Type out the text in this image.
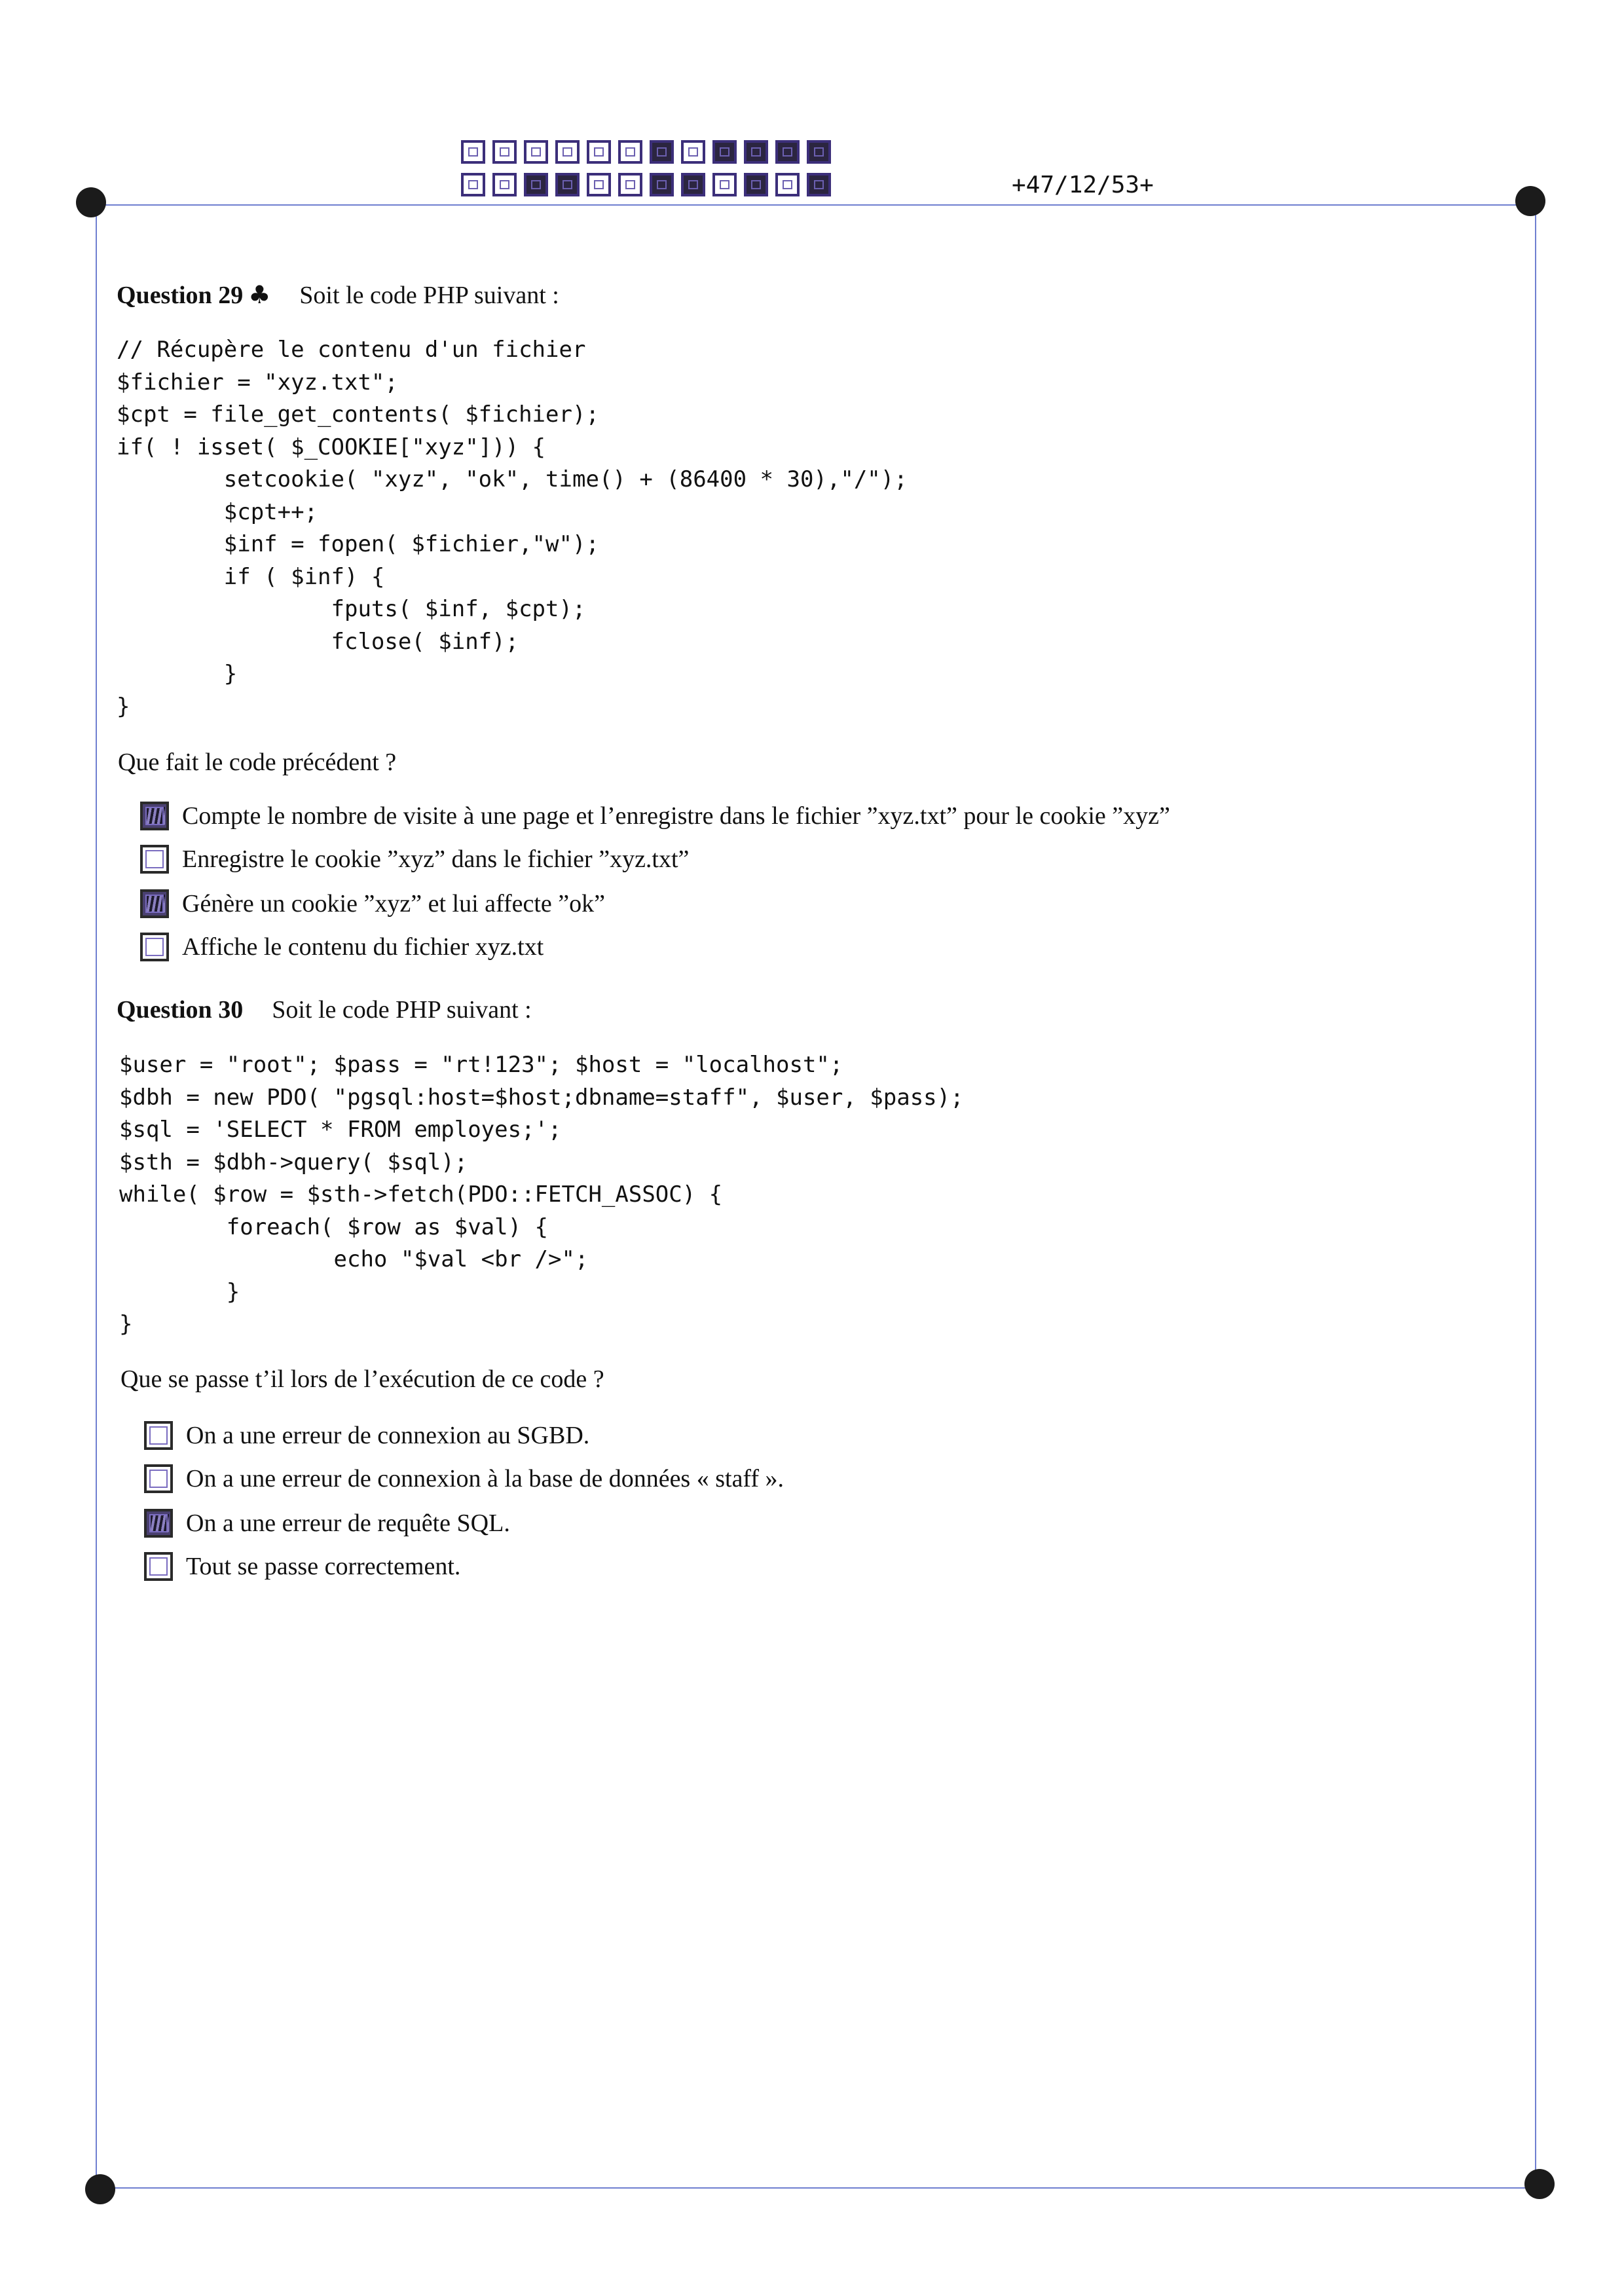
+47/12/53+
Question 29 ♣ Soit le code PHP suivant :
// Récupère le contenu d'un fichier
$fichier = "xyz.txt";
$cpt = file_get_contents( $fichier);
if( ! isset( $_COOKIE["xyz"])) {
setcookie( "xyz", "ok", time() + (86400 * 30),"/");
$cpt++;
$inf = fopen( $fichier,"w");
if ( $inf) {
fputs( $inf, $cpt);
fclose( $inf);
}
}
Que fait le code précédent ?
Compte le nombre de visite à une page et l’enregistre dans le fichier ”xyz.txt” pour le cookie ”xyz”
Enregistre le cookie ”xyz” dans le fichier ”xyz.txt”
Génère un cookie ”xyz” et lui affecte ”ok”
Affiche le contenu du fichier xyz.txt
Question 30 Soit le code PHP suivant :
$user = "root"; $pass = "rt!123"; $host = "localhost";
$dbh = new PDO( "pgsql:host=$host;dbname=staff", $user, $pass);
$sql = 'SELECT * FROM employes;';
$sth = $dbh->query( $sql);
while( $row = $sth->fetch(PDO::FETCH_ASSOC) {
foreach( $row as $val) {
echo "$val <br />";
}
}
Que se passe t’il lors de l’exécution de ce code ?
On a une erreur de connexion au SGBD.
On a une erreur de connexion à la base de données « staff ».
On a une erreur de requête SQL.
Tout se passe correctement.
